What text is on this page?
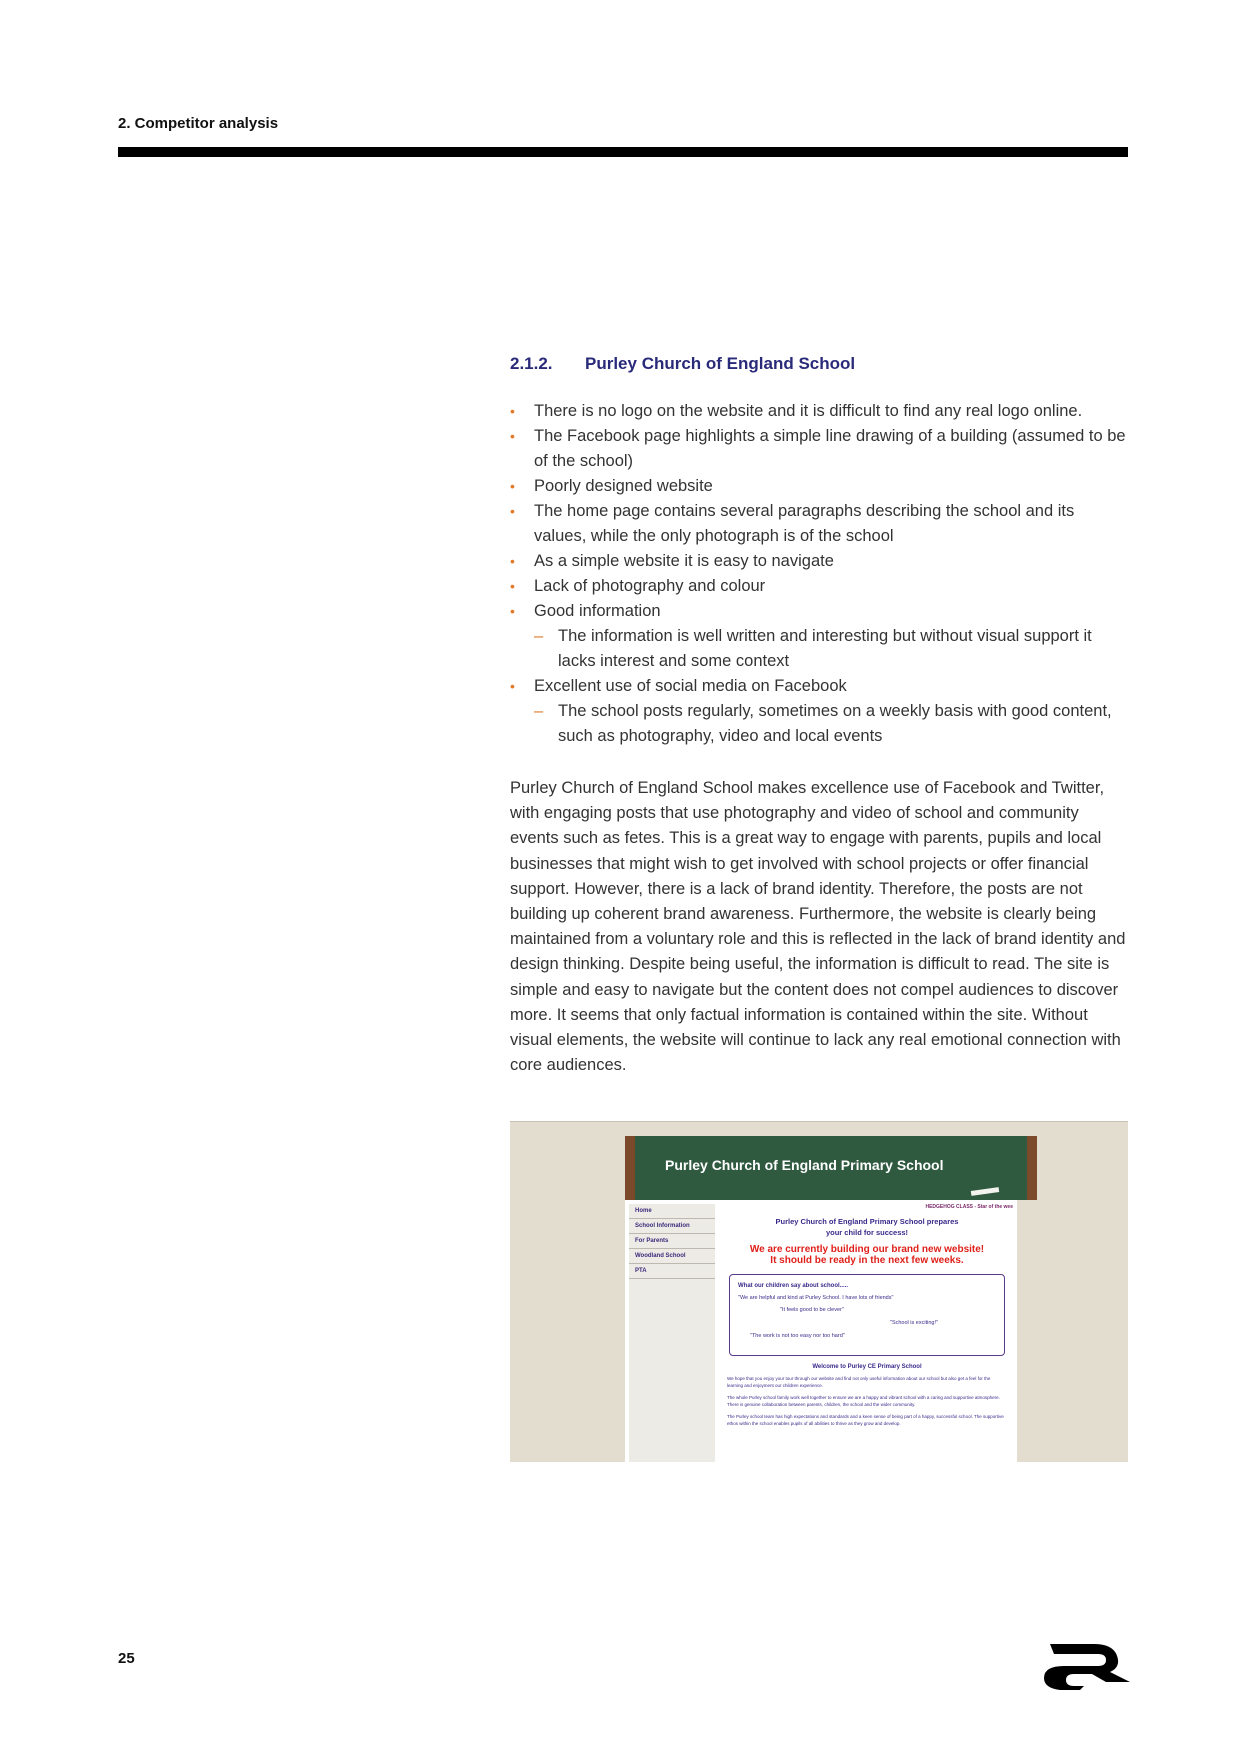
2. Competitor analysis
2.1.2. Purley Church of England School
• There is no logo on the website and it is difficult to find any real logo online.
• The Facebook page highlights a simple line drawing of a building (assumed to be of the school)
• Poorly designed website
• The home page contains several paragraphs describing the school and its values, while the only photograph is of the school
• As a simple website it is easy to navigate
• Lack of photography and colour
• Good information
– The information is well written and interesting but without visual support it lacks interest and some context
• Excellent use of social media on Facebook
– The school posts regularly, sometimes on a weekly basis with good content, such as photography, video and local events

Purley Church of England School makes excellence use of Facebook and Twitter, with engaging posts that use photography and video of school and community events such as fetes. This is a great way to engage with parents, pupils and local businesses that might wish to get involved with school projects or offer financial support. However, there is a lack of brand identity. Therefore, the posts are not building up coherent brand awareness. Furthermore, the website is clearly being maintained from a voluntary role and this is reflected in the lack of brand identity and design thinking. Despite being useful, the information is difficult to read. The site is simple and easy to navigate but the content does not compel audiences to discover more. It seems that only factual information is contained within the site. Without visual elements, the website will continue to lack any real emotional connection with core audiences.

Purley Church of England Primary School
Home
School Information
For Parents
Woodland School
PTA
HEDGEHOG CLASS - Star of the wee
Purley Church of England Primary School prepares
your child for success!
We are currently building our brand new website!
It should be ready in the next few weeks.
What our children say about school.....
"We are helpful and kind at Purley School. I have lots of friends"
"It feels good to be clever"
"School is exciting!"
"The work is not too easy nor too hard"
Welcome to Purley CE Primary School
We hope that you enjoy your tour through our website and find not only useful information about our school but also get a feel for the learning and enjoyment our children experience.
The whole Purley school family work well together to ensure we are a happy and vibrant school with a caring and supportive atmosphere. There is genuine collaboration between parents, children, the school and the wider community.
The Purley school team has high expectations and standards and a keen sense of being part of a happy, successful school. The supportive ethos within the school enables pupils of all abilities to thrive as they grow and develop.
25
